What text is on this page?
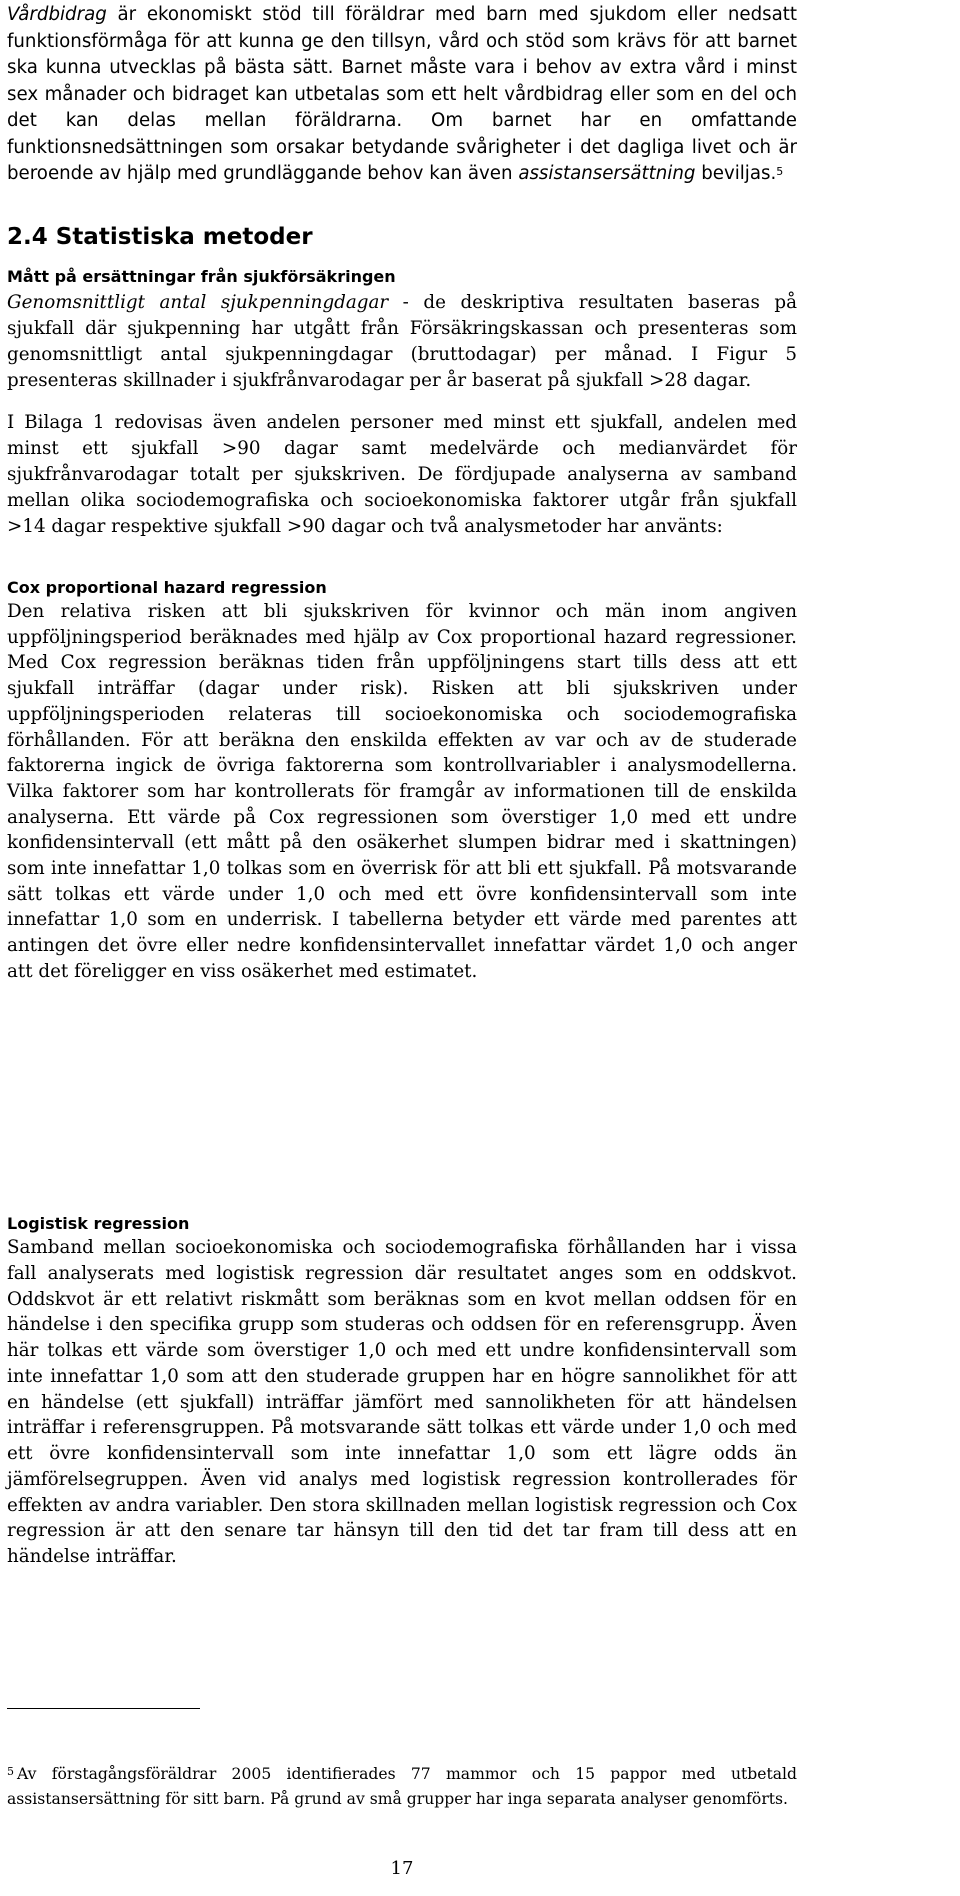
Vårdbidrag är ekonomiskt stöd till föräldrar med barn med sjukdom eller nedsatt funktionsförmåga för att kunna ge den tillsyn, vård och stöd som krävs för att barnet ska kunna utvecklas på bästa sätt. Barnet måste vara i behov av extra vård i minst sex månader och bidraget kan utbetalas som ett helt vårdbidrag eller som en del och det kan delas mellan föräldrarna. Om barnet har en omfattande funktionsnedsättningen som orsakar betydande svårigheter i det dagliga livet och är beroende av hjälp med grundläggande behov kan även assistansersättning beviljas.$^5$

2.4 Statistiska metoder
Mått på ersättningar från sjukförsäkringen

Genomsnittligt antal sjukpenningdagar - de deskriptiva resultaten baseras på sjukfall där sjukpenning har utgått från Försäkringskassan och presenteras som genomsnittligt antal sjukpenningdagar (bruttodagar) per månad. I Figur 5 presenteras skillnader i sjukfrånvarodagar per år baserat på sjukfall >28 dagar.

I Bilaga 1 redovisas även andelen personer med minst ett sjukfall, andelen med minst ett sjukfall >90 dagar samt medelvärde och medianvärdet för sjukfrånvarodagar totalt per sjukskriven. De fördjupade analyserna av samband mellan olika sociodemografiska och socioekonomiska faktorer utgår från sjukfall >14 dagar respektive sjukfall >90 dagar och två analysmetoder har använts:

Cox proportional hazard regression

Den relativa risken att bli sjukskriven för kvinnor och män inom angiven uppföljningsperiod beräknades med hjälp av Cox proportional hazard regressioner. Med Cox regression beräknas tiden från uppföljningens start tills dess att ett sjukfall inträffar (dagar under risk). Risken att bli sjukskriven under uppföljningsperioden relateras till socioekonomiska och sociodemografiska förhållanden. För att beräkna den enskilda effekten av var och av de studerade faktorerna ingick de övriga faktorerna som kontrollvariabler i analysmodellerna. Vilka faktorer som har kontrollerats för framgår av informationen till de enskilda analyserna. Ett värde på Cox regressionen som överstiger 1,0 med ett undre konfidensintervall (ett mått på den osäkerhet slumpen bidrar med i skattningen) som inte innefattar 1,0 tolkas som en överrisk för att bli ett sjukfall. På motsvarande sätt tolkas ett värde under 1,0 och med ett övre konfidensintervall som inte innefattar 1,0 som en underrisk. I tabellerna betyder ett värde med parentes att antingen det övre eller nedre konfidensintervallet innefattar värdet 1,0 och anger att det föreligger en viss osäkerhet med estimatet.

Logistisk regression

Samband mellan socioekonomiska och sociodemografiska förhållanden har i vissa fall analyserats med logistisk regression där resultatet anges som en oddskvot. Oddskvot är ett relativt riskmått som beräknas som en kvot mellan oddsen för en händelse i den specifika grupp som studeras och oddsen för en referensgrupp. Även här tolkas ett värde som överstiger 1,0 och med ett undre konfidensintervall som inte innefattar 1,0 som att den studerade gruppen har en högre sannolikhet för att en händelse (ett sjukfall) inträffar jämfört med sannolikheten för att händelsen inträffar i referensgruppen. På motsvarande sätt tolkas ett värde under 1,0 och med ett övre konfidensintervall som inte innefattar 1,0 som ett lägre odds än jämförelsegruppen. Även vid analys med logistisk regression kontrollerades för effekten av andra variabler. Den stora skillnaden mellan logistisk regression och Cox regression är att den senare tar hänsyn till den tid det tar fram till dess att en händelse inträffar.

$^5$ Av förstagångsföräldrar 2005 identifierades 77 mammor och 15 pappor med utbetald assistansersättning för sitt barn. På grund av små grupper har inga separata analyser genomförts.

17
